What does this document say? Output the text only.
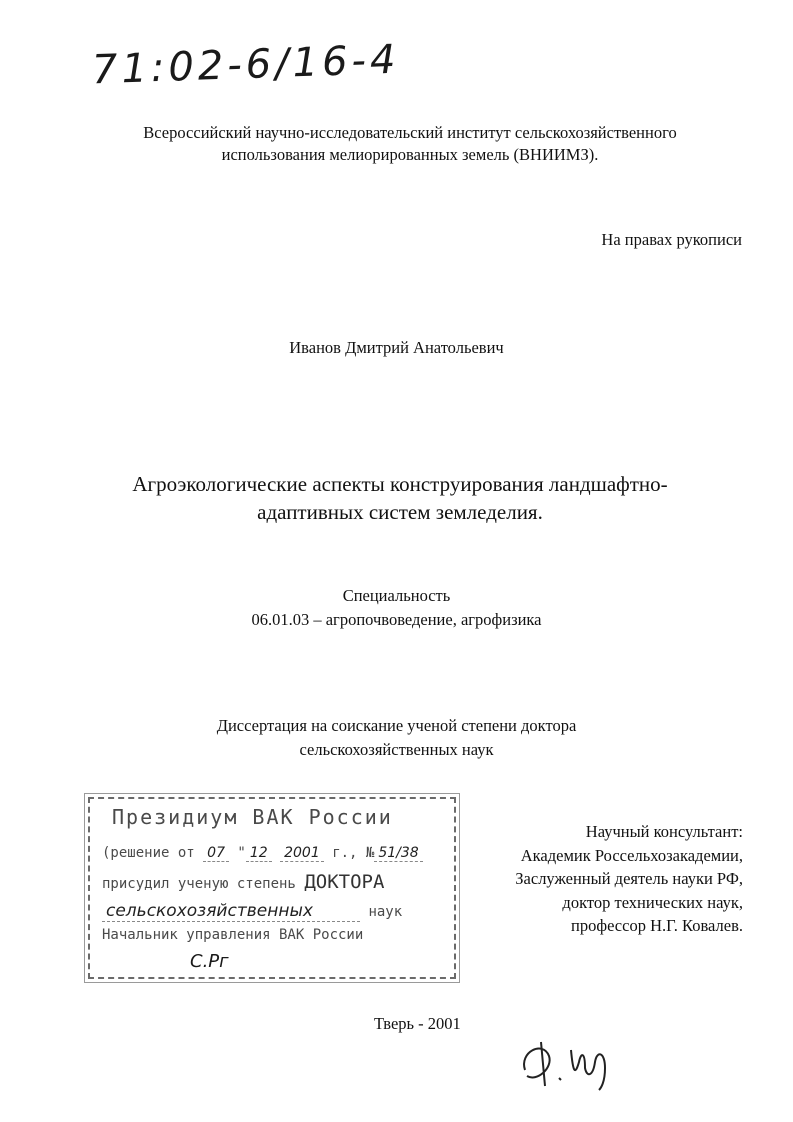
71:02-6/16-4
Всероссийский научно-исследовательский институт сельскохозяйственного
использования мелиорированных земель (ВНИИМЗ).
На правах рукописи
Иванов Дмитрий Анатольевич
Агроэкологические аспекты конструирования ландшафтно-
адаптивных систем земледелия.
Специальность
06.01.03 – агропочвоведение, агрофизика
Диссертация на соискание ученой степени доктора
сельскохозяйственных наук
Президиум ВАК России
(решение от 07 " 12 2001 г., № 51/38
присудил ученую степень ДОКТОРА
сельскохозяйственных	наук
Начальник управления ВАК России
С.Рг
Научный консультант:
Академик Россельхозакадемии,
Заслуженный деятель науки РФ,
доктор технических наук,
профессор Н.Г. Ковалев.
Тверь - 2001
